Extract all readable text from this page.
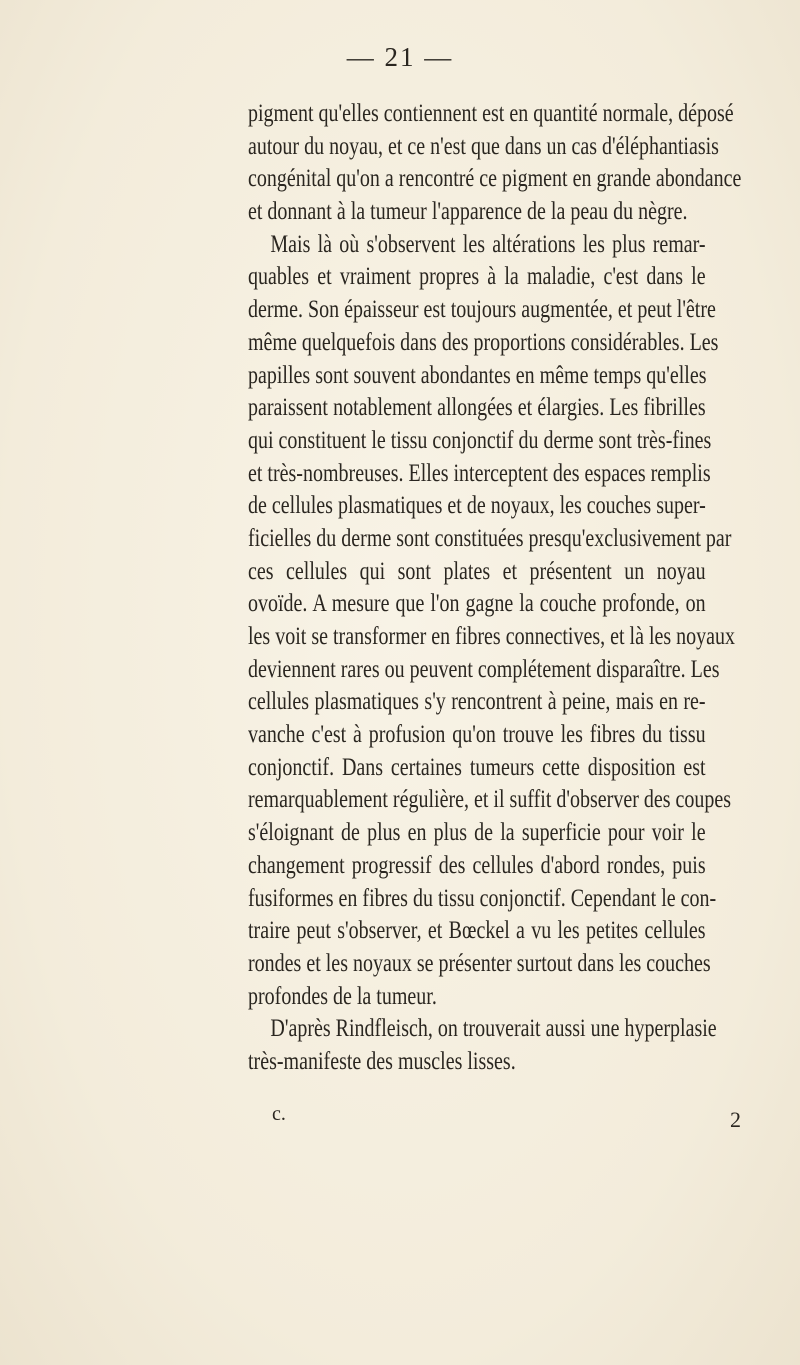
— 21 —
pigment qu'elles contiennent est en quantité normale, déposé
autour du noyau, et ce n'est que dans un cas d'éléphantiasis
congénital qu'on a rencontré ce pigment en grande abondance
et donnant à la tumeur l'apparence de la peau du nègre.
Mais là où s'observent les altérations les plus remar-
quables et vraiment propres à la maladie, c'est dans le
derme. Son épaisseur est toujours augmentée, et peut l'être
même quelquefois dans des proportions considérables. Les
papilles sont souvent abondantes en même temps qu'elles
paraissent notablement allongées et élargies. Les fibrilles
qui constituent le tissu conjonctif du derme sont très-fines
et très-nombreuses. Elles interceptent des espaces remplis
de cellules plasmatiques et de noyaux, les couches super-
ficielles du derme sont constituées presqu'exclusivement par
ces cellules qui sont plates et présentent un noyau
ovoïde. A mesure que l'on gagne la couche profonde, on
les voit se transformer en fibres connectives, et là les noyaux
deviennent rares ou peuvent complétement disparaître. Les
cellules plasmatiques s'y rencontrent à peine, mais en re-
vanche c'est à profusion qu'on trouve les fibres du tissu
conjonctif. Dans certaines tumeurs cette disposition est
remarquablement régulière, et il suffit d'observer des coupes
s'éloignant de plus en plus de la superficie pour voir le
changement progressif des cellules d'abord rondes, puis
fusiformes en fibres du tissu conjonctif. Cependant le con-
traire peut s'observer, et Bœckel a vu les petites cellules
rondes et les noyaux se présenter surtout dans les couches
profondes de la tumeur.
D'après Rindfleisch, on trouverait aussi une hyperplasie
très-manifeste des muscles lisses.
c.	2
